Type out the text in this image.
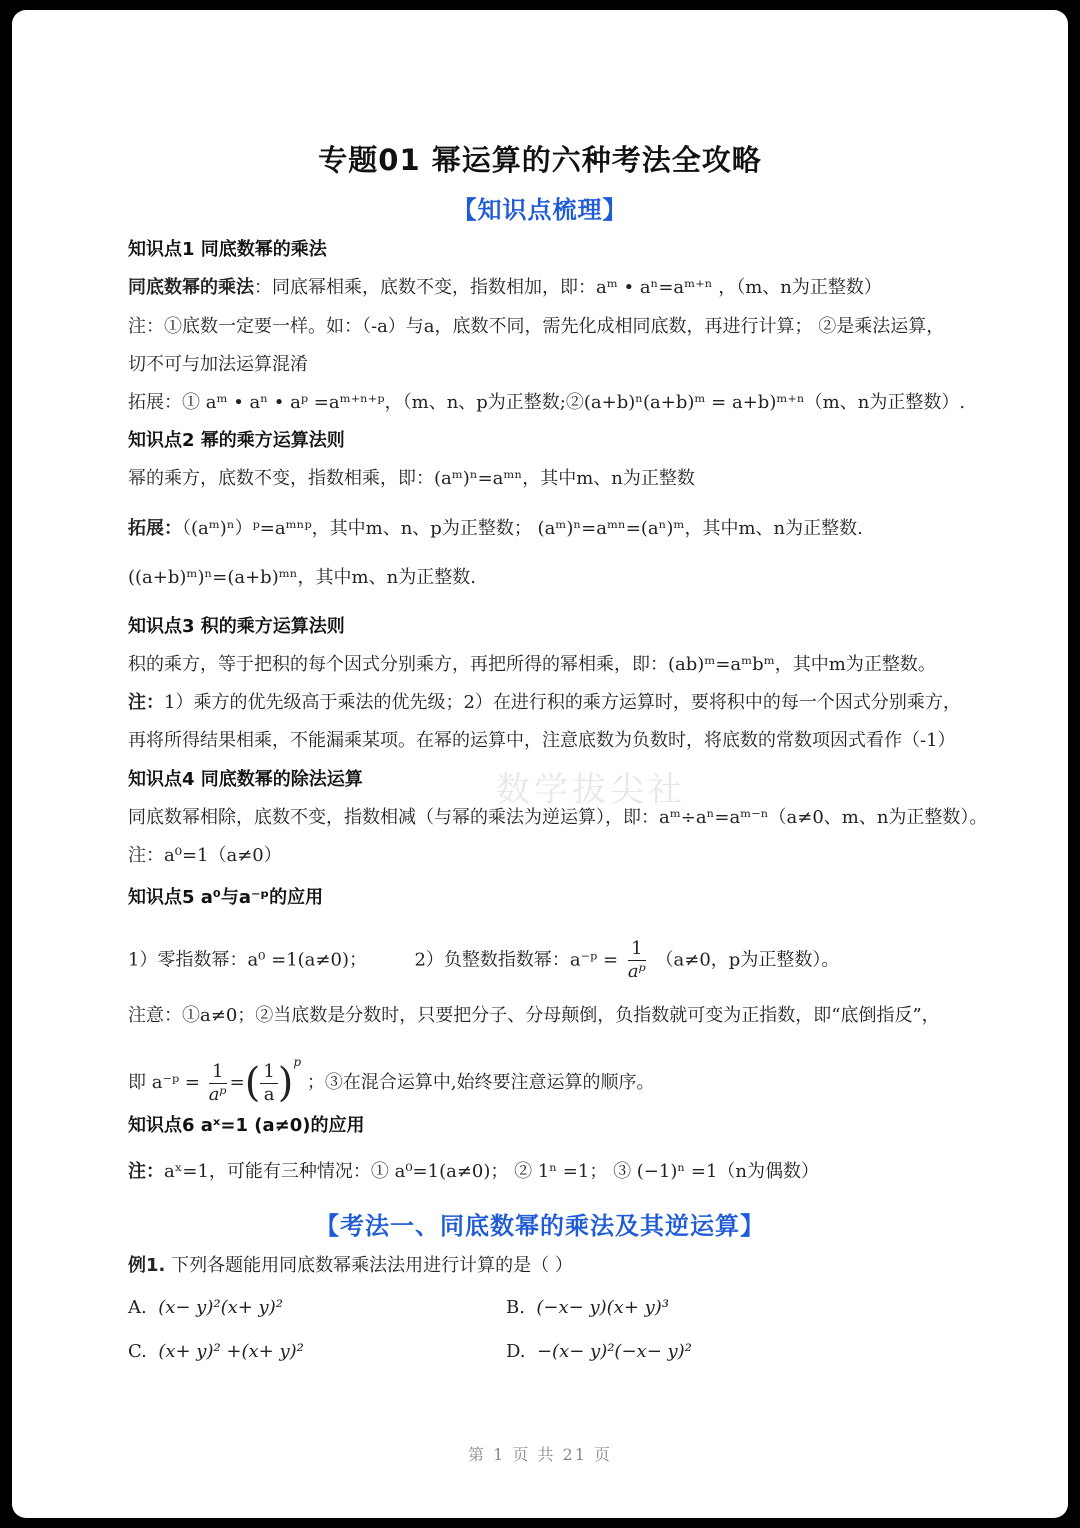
专题01 幂运算的六种考法全攻略
【知识点梳理】
知识点1 同底数幂的乘法
同底数幂的乘法：同底幂相乘，底数不变，指数相加，即：aᵐ • aⁿ=aᵐ⁺ⁿ ，（m、n为正整数）
注：①底数一定要一样。如：（-a）与a，底数不同，需先化成相同底数，再进行计算； ②是乘法运算，
切不可与加法运算混淆
拓展：① aᵐ • aⁿ • aᵖ =aᵐ⁺ⁿ⁺ᵖ，（m、n、p为正整数;②(a+b)ⁿ(a+b)ᵐ = a+b)ᵐ⁺ⁿ（m、n为正整数）.
知识点2 幂的乘方运算法则
幂的乘方，底数不变，指数相乘，即：(aᵐ)ⁿ=aᵐⁿ，其中m、n为正整数
拓展：（(aᵐ)ⁿ）ᵖ=aᵐⁿᵖ，其中m、n、p为正整数； (aᵐ)ⁿ=aᵐⁿ=(aⁿ)ᵐ，其中m、n为正整数.
((a+b)ᵐ)ⁿ=(a+b)ᵐⁿ，其中m、n为正整数.
知识点3 积的乘方运算法则
积的乘方，等于把积的每个因式分别乘方，再把所得的幂相乘，即：(ab)ᵐ=aᵐbᵐ，其中m为正整数。
注：1）乘方的优先级高于乘法的优先级；2）在进行积的乘方运算时，要将积中的每一个因式分别乘方，
再将所得结果相乘，不能漏乘某项。在幂的运算中，注意底数为负数时，将底数的常数项因式看作（-1）
数学拔尖社
知识点4 同底数幂的除法运算
同底数幂相除，底数不变，指数相减（与幂的乘法为逆运算），即：aᵐ÷aⁿ=aᵐ⁻ⁿ（a≠0、m、n为正整数）。
注：a⁰=1（a≠0）
知识点5 a⁰与a⁻ᵖ的应用
1）零指数幂：a⁰ =1(a≠0)；	2）负整数指数幂：a⁻ᵖ = $\frac{1}{\text{aᵖ}} (a\ne 0$，p为正整数）。
注意：①a≠0；②当底数是分数时，只要把分子、分母颠倒，负指数就可变为正指数，即“底倒指反”，
即 a⁻ᵖ = $\frac{1}{\text{aᵖ}}$ =( $\frac{1}{a} )^p$ ；③在混合运算中,始终要注意运算的顺序。
知识点6 aˣ=1 (a≠0)的应用
注：aˣ=1，可能有三种情况：① a⁰=1(a≠0)； ② 1ⁿ =1； ③ (−1)ⁿ =1（n为偶数）
【考法一、同底数幂的乘法及其逆运算】
例1. 下列各题能用同底数幂乘法法用进行计算的是（ ）
A. (x− y)²(x+ y)²	B. (−x− y)(x+ y)³
C. (x+ y)² +(x+ y)²	D. −(x− y)²(−x− y)²
第 1 页 共 21 页
